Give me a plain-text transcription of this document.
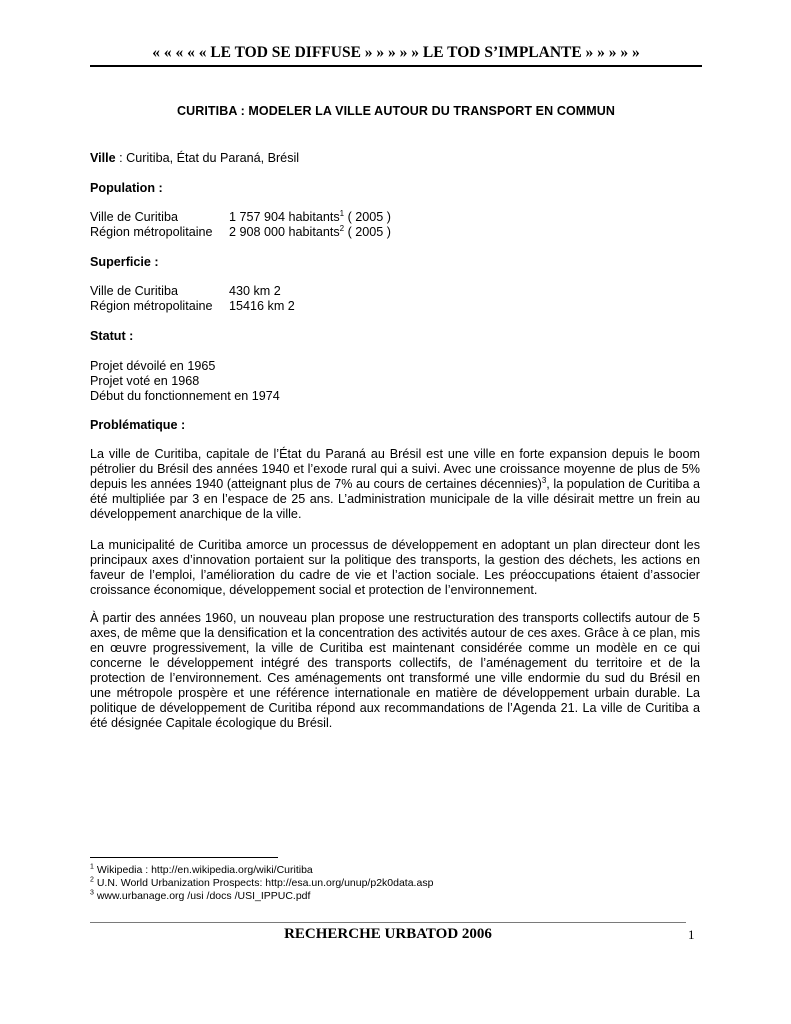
« « « « « LE TOD SE DIFFUSE » » » » » LE TOD S’IMPLANTE » » » » »
CURITIBA : MODELER LA VILLE AUTOUR DU TRANSPORT EN COMMUN
Ville : Curitiba, État du Paraná, Brésil
Population :
Ville de Curitiba	1 757 904 habitants$^1$ ( 2005 )
Région métropolitaine 2 908 000 habitants$^2$ ( 2005 )
Superficie :
Ville de Curitiba	430 km 2
Région métropolitaine 15416 km 2
Statut :
Projet dévoilé en 1965
Projet voté en 1968
Début du fonctionnement en 1974
Problématique :
La ville de Curitiba, capitale de l’État du Paraná au Brésil est une ville en forte expansion depuis le boom pétrolier du Brésil des années 1940 et l’exode rural qui a suivi. Avec une croissance moyenne de plus de 5% depuis les années 1940 (atteignant plus de 7% au cours de certaines décennies)$^3$, la population de Curitiba a été multipliée par 3 en l’espace de 25 ans. L’administration municipale de la ville désirait mettre un frein au développement anarchique de la ville.
La municipalité de Curitiba amorce un processus de développement en adoptant un plan directeur dont les principaux axes d’innovation portaient sur la politique des transports, la gestion des déchets, les actions en faveur de l’emploi, l’amélioration du cadre de vie et l’action sociale. Les préoccupations étaient d’associer croissance économique, développement social et protection de l’environnement.
À partir des années 1960, un nouveau plan propose une restructuration des transports collectifs autour de 5 axes, de même que la densification et la concentration des activités autour de ces axes. Grâce à ce plan, mis en œuvre progressivement, la ville de Curitiba est maintenant considérée comme un modèle en ce qui concerne le développement intégré des transports collectifs, de l’aménagement du territoire et de la protection de l’environnement. Ces aménagements ont transformé une ville endormie du sud du Brésil en une métropole prospère et une référence internationale en matière de développement urbain durable. La politique de développement de Curitiba répond aux recommandations de l’Agenda 21. La ville de Curitiba a été désignée Capitale écologique du Brésil.
$^1$ Wikipedia : http://en.wikipedia.org/wiki/Curitiba
$^2$ U.N. World Urbanization Prospects: http://esa.un.org/unup/p2k0data.asp
$^3$ www.urbanage.org /usi /docs /USI_IPPUC.pdf
RECHERCHE URBATOD 2006	1
